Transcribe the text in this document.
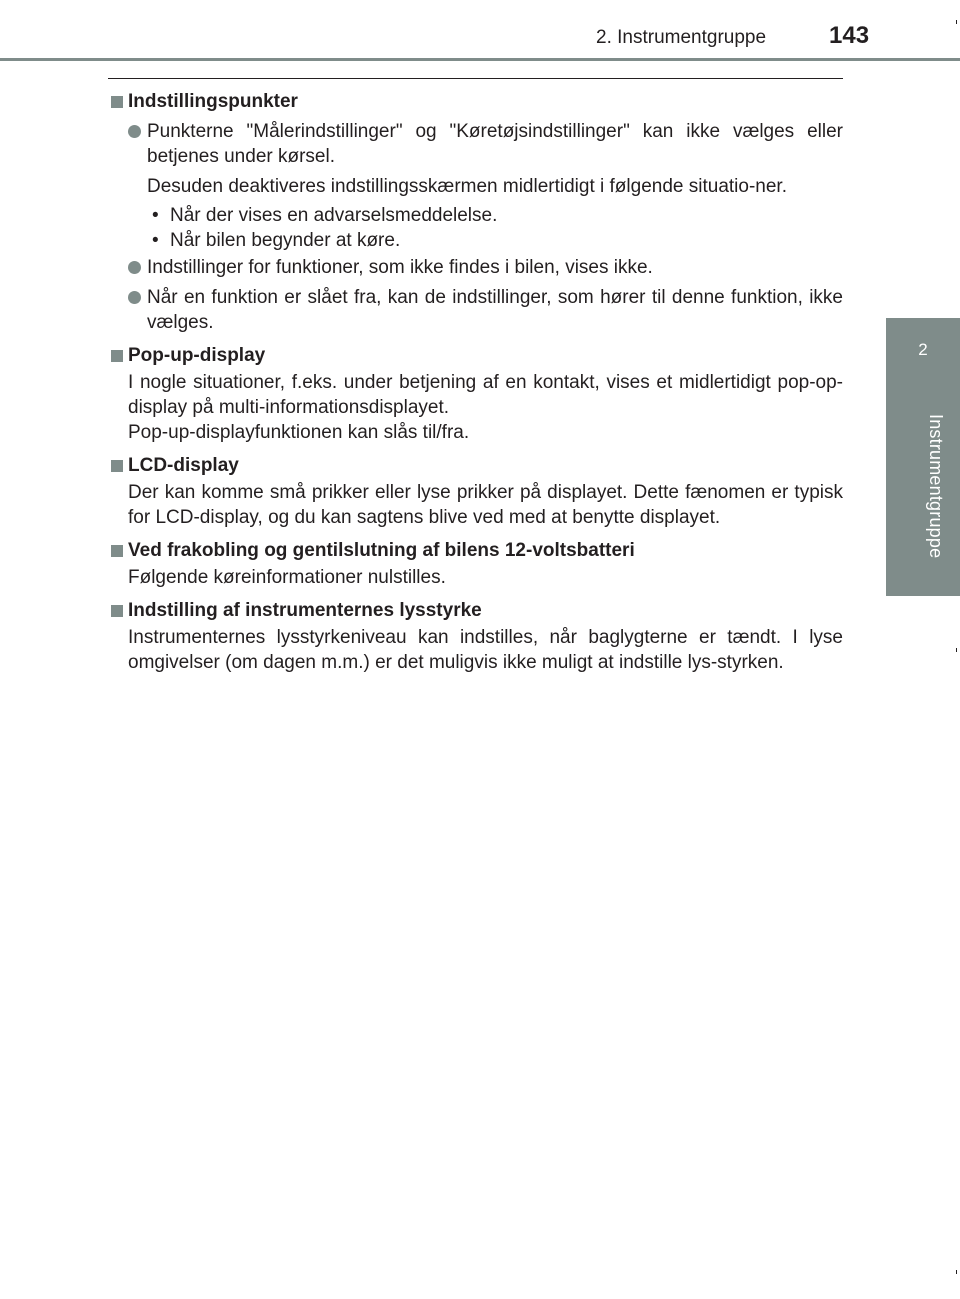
2. Instrumentgruppe	143
2
Instrumentgruppe
Indstillingspunkter
Punkterne "Målerindstillinger" og "Køretøjsindstillinger" kan ikke vælges eller betjenes under kørsel.
Desuden deaktiveres indstillingsskærmen midlertidigt i følgende situatio-ner.
• Når der vises en advarselsmeddelelse.
• Når bilen begynder at køre.
Indstillinger for funktioner, som ikke findes i bilen, vises ikke.
Når en funktion er slået fra, kan de indstillinger, som hører til denne funktion, ikke vælges.
Pop-up-display
I nogle situationer, f.eks. under betjening af en kontakt, vises et midlertidigt pop-op-display på multi-informationsdisplayet.
Pop-up-displayfunktionen kan slås til/fra.
LCD-display
Der kan komme små prikker eller lyse prikker på displayet. Dette fænomen er typisk for LCD-display, og du kan sagtens blive ved med at benytte displayet.
Ved frakobling og gentilslutning af bilens 12-voltsbatteri
Følgende køreinformationer nulstilles.
Indstilling af instrumenternes lysstyrke
Instrumenternes lysstyrkeniveau kan indstilles, når baglygterne er tændt. I lyse omgivelser (om dagen m.m.) er det muligvis ikke muligt at indstille lys-styrken.
